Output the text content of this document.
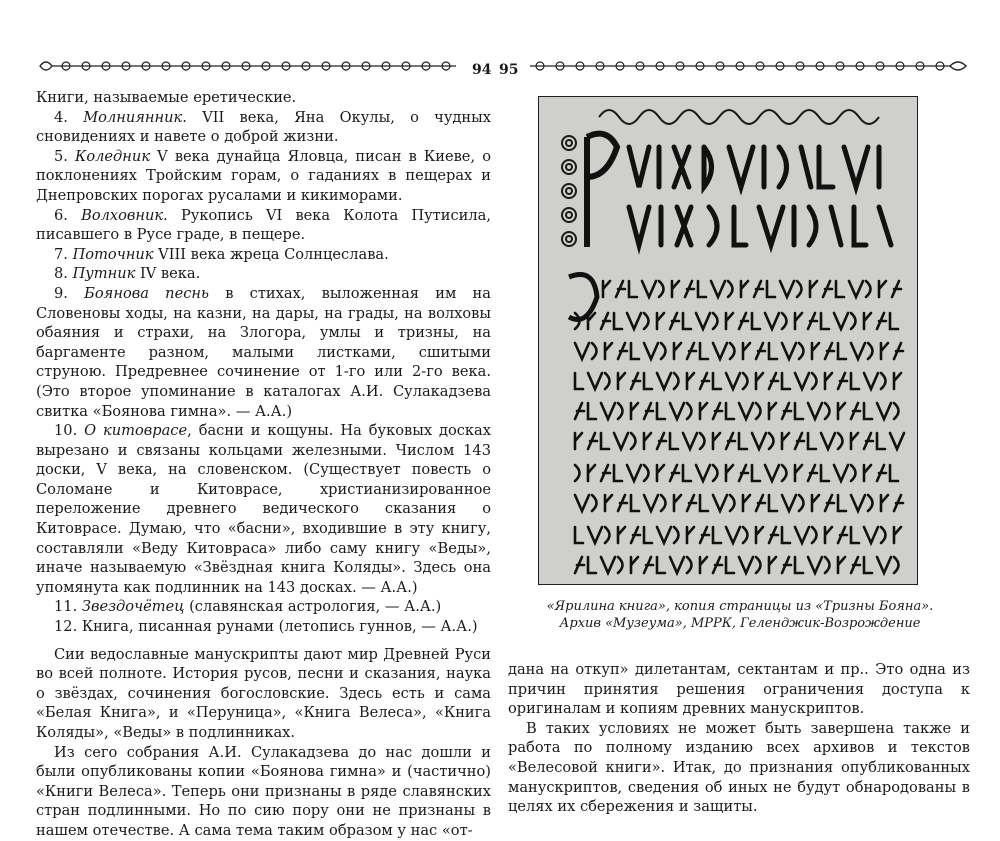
94 95

Книги, называемые еретические.

4. Молниянник. VII века, Яна Окулы, о чудных сновидениях и навете о доброй жизни.

5. Коледник V века дунайца Яловца, писан в Киеве, о поклонениях Тройским горам, о гаданиях в пещерах и Днепровских порогах русалами и кикиморами.

6. Волховник. Рукопись VI века Колота Путисила, писавшего в Русе граде, в пещере.

7. Поточник VIII века жреца Солнцеслава.

8. Путник IV века.

9. Боянова песнь в стихах, выложенная им на Словеновы ходы, на казни, на дары, на грады, на волховы обаяния и страхи, на Злогора, умлы и тризны, на баргаменте разном, малыми листками, сшитыми струною. Предревнее сочинение от 1-го или 2-го века. (Это второе упоминание в каталогах А.И. Сулакадзева свитка «Боянова гимна». — А.А.)

10. О китоврасе, басни и кощуны. На буковых досках вырезано и связаны кольцами железными. Числом 143 доски, V века, на словенском. (Существует повесть о Соломане и Китоврасе, христианизированное переложение древнего ведического сказания о Китоврасе. Думаю, что «басни», входившие в эту книгу, составляли «Веду Китовраса» либо саму книгу «Веды», иначе называемую «Звёздная книга Коляды». Здесь она упомянута как подлинник на 143 досках. — А.А.)

11. Звездочётец (славянская астрология, — А.А.)

12. Книга, писанная рунами (летопись гуннов, — А.А.)

Сии ведославные манускрипты дают мир Древней Руси во всей полноте. История русов, песни и сказания, наука о звёздах, сочинения богословские. Здесь есть и сама «Белая Книга», и «Перуница», «Книга Велеса», «Книга Коляды», «Веды» в подлинниках.

Из сего собрания А.И. Сулакадзева до нас дошли и были опубликованы копии «Боянова гимна» и (частично) «Книги Велеса». Теперь они признаны в ряде славянских стран подлинными. Но по сию пору они не признаны в нашем отечестве. А сама тема таким образом у нас «от-

«Ярилина книга», копия страницы из «Тризны Бояна».
Архив «Музеума», МРРК, Геленджик-Возрождение

дана на откуп» дилетантам, сектантам и пр.. Это одна из причин принятия решения ограничения доступа к оригиналам и копиям древних манускриптов.

В таких условиях не может быть завершена также и работа по полному изданию всех архивов и текстов «Велесовой книги». Итак, до признания опубликованных манускриптов, сведения об иных не будут обнародованы в целях их сбережения и защиты.
